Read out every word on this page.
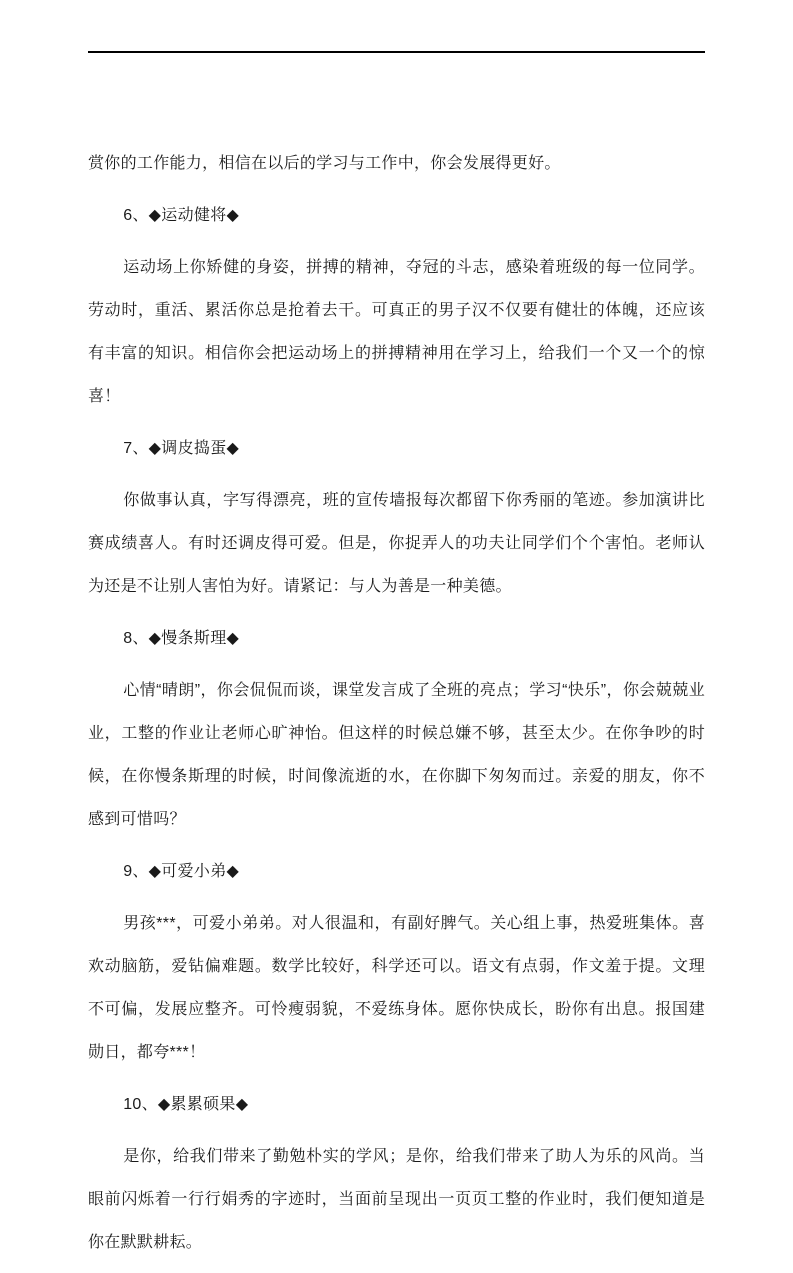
赏你的工作能力，相信在以后的学习与工作中，你会发展得更好。

6、◆运动健将◆

运动场上你矫健的身姿，拼搏的精神，夺冠的斗志，感染着班级的每一位同学。劳动时，重活、累活你总是抢着去干。可真正的男子汉不仅要有健壮的体魄，还应该有丰富的知识。相信你会把运动场上的拼搏精神用在学习上，给我们一个又一个的惊喜！

7、◆调皮捣蛋◆

你做事认真，字写得漂亮，班的宣传墙报每次都留下你秀丽的笔迹。参加演讲比赛成绩喜人。有时还调皮得可爱。但是，你捉弄人的功夫让同学们个个害怕。老师认为还是不让别人害怕为好。请紧记：与人为善是一种美德。

8、◆慢条斯理◆

心情“晴朗”，你会侃侃而谈，课堂发言成了全班的亮点；学习“快乐”，你会兢兢业业，工整的作业让老师心旷神怡。但这样的时候总嫌不够，甚至太少。在你争吵的时候，在你慢条斯理的时候，时间像流逝的水，在你脚下匆匆而过。亲爱的朋友，你不感到可惜吗？

9、◆可爱小弟◆

男孩***，可爱小弟弟。对人很温和，有副好脾气。关心组上事，热爱班集体。喜欢动脑筋，爱钻偏难题。数学比较好，科学还可以。语文有点弱，作文羞于提。文理不可偏，发展应整齐。可怜瘦弱貌，不爱练身体。愿你快成长，盼你有出息。报国建勋日，都夸***！

10、◆累累硕果◆

是你，给我们带来了勤勉朴实的学风；是你，给我们带来了助人为乐的风尚。当眼前闪烁着一行行娟秀的字迹时，当面前呈现出一页页工整的作业时，我们便知道是你在默默耕耘。
